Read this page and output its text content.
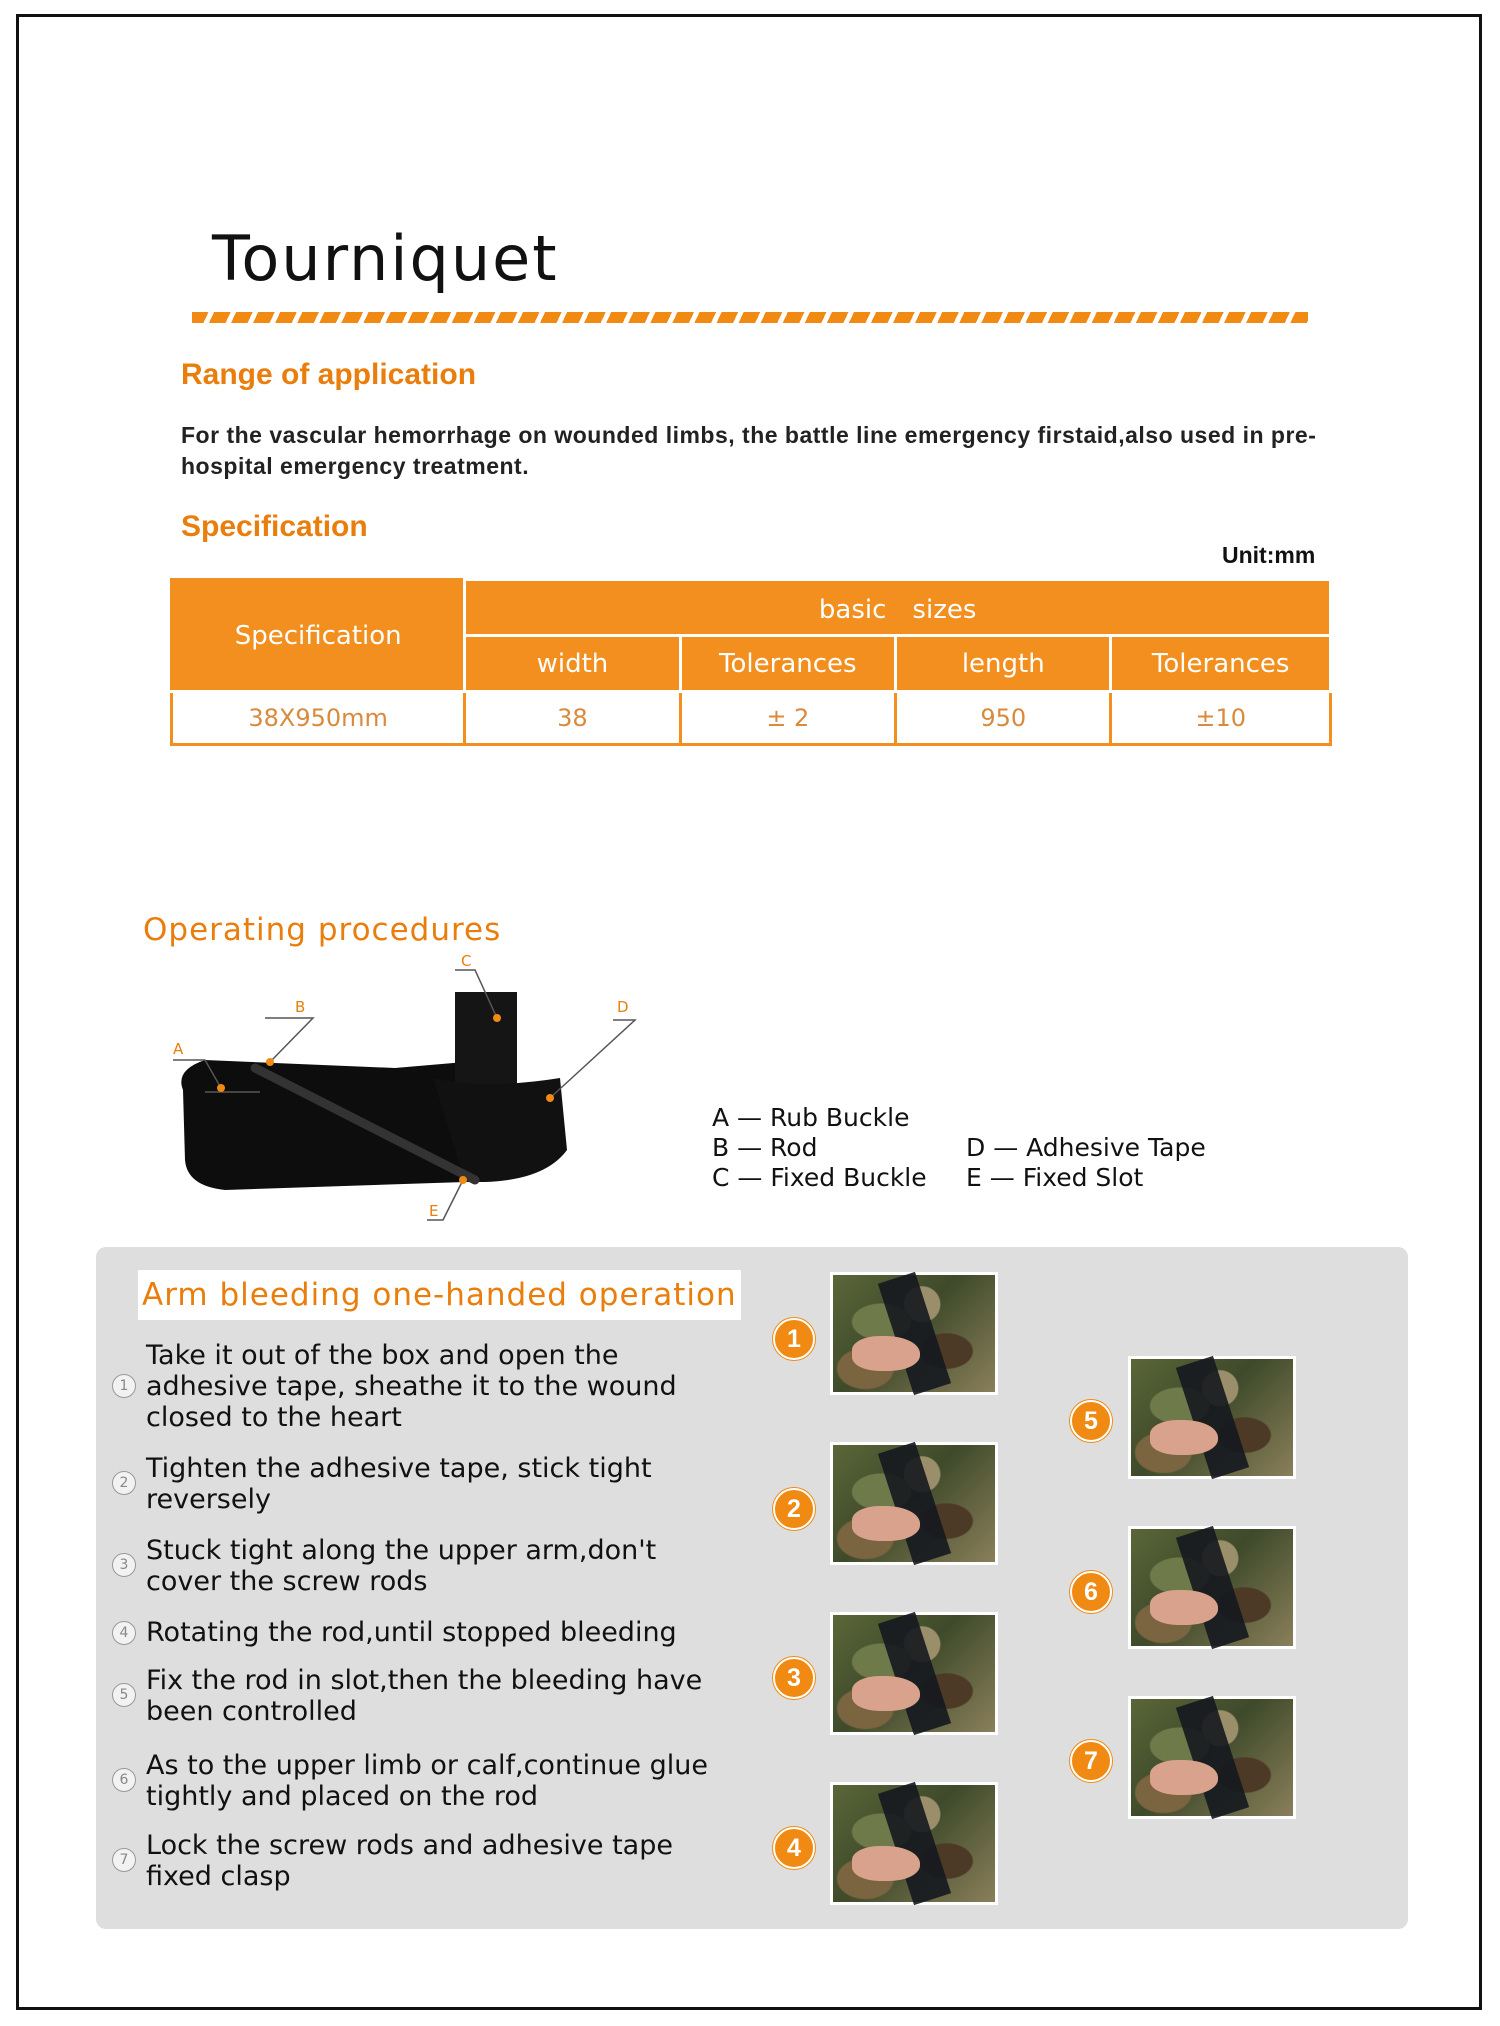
Tourniquet
Range of application
For the vascular hemorrhage on wounded limbs, the battle line emergency firstaid,also used in pre-hospital emergency treatment.
Specification
Unit:mm
Specification	basic　sizes			
	width	Tolerances	length	Tolerances
38X950mm	38	± 2	950	±10
Operating procedures
A
B
C
D
E
A — Rub Buckle
B — Rod
C — Fixed Buckle
D — Adhesive Tape
E — Fixed Slot
Arm bleeding one-handed operation
1
Take it out of the box and open the adhesive tape, sheathe it to the wound closed to the heart
2 Tighten the adhesive tape, stick tight reversely
3 Stuck tight along the upper arm,don't cover the screw rods
4 Rotating the rod,until stopped bleeding
5 Fix the rod in slot,then the bleeding have been controlled
6 As to the upper limb or calf,continue glue tightly and placed on the rod
7 Lock the screw rods and adhesive tape fixed clasp
1
2
3
4
5
6
7
